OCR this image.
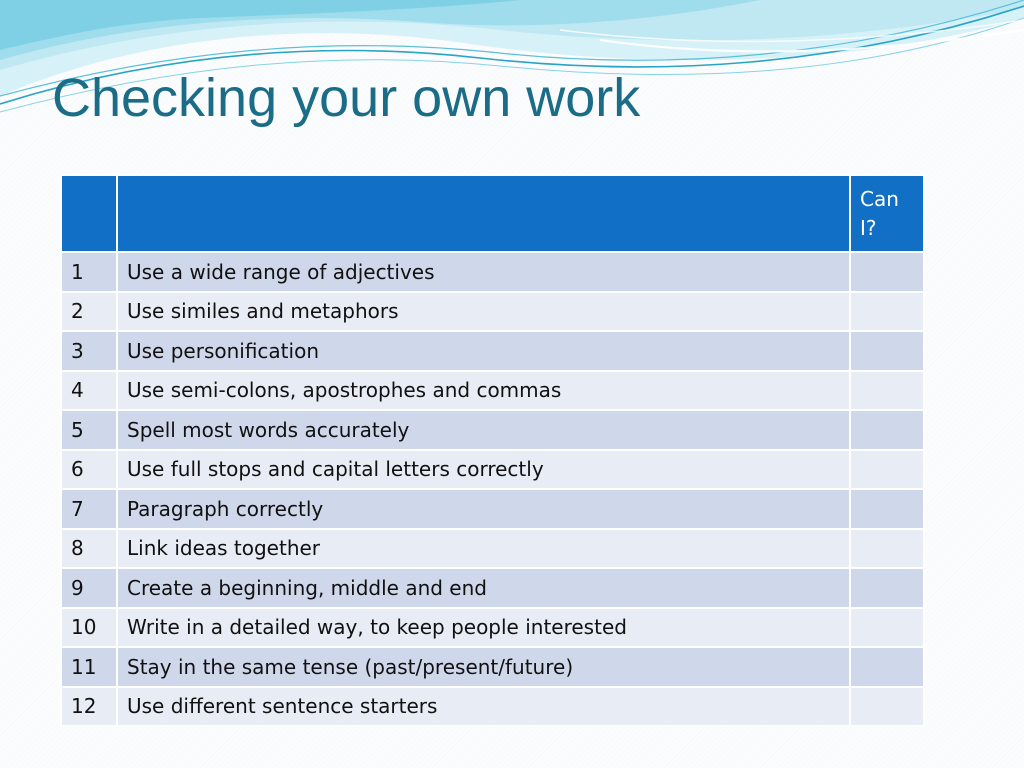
Checking your own work
		Can I?
1	Use a wide range of adjectives	
2	Use similes and metaphors	
3	Use personification	
4	Use semi-colons, apostrophes and commas	
5	Spell most words accurately	
6	Use full stops and capital letters correctly	
7	Paragraph correctly	
8	Link ideas together	
9	Create a beginning, middle and end	
10	Write in a detailed way, to keep people interested	
11	Stay in the same tense (past/present/future)	
12	Use different sentence starters	
